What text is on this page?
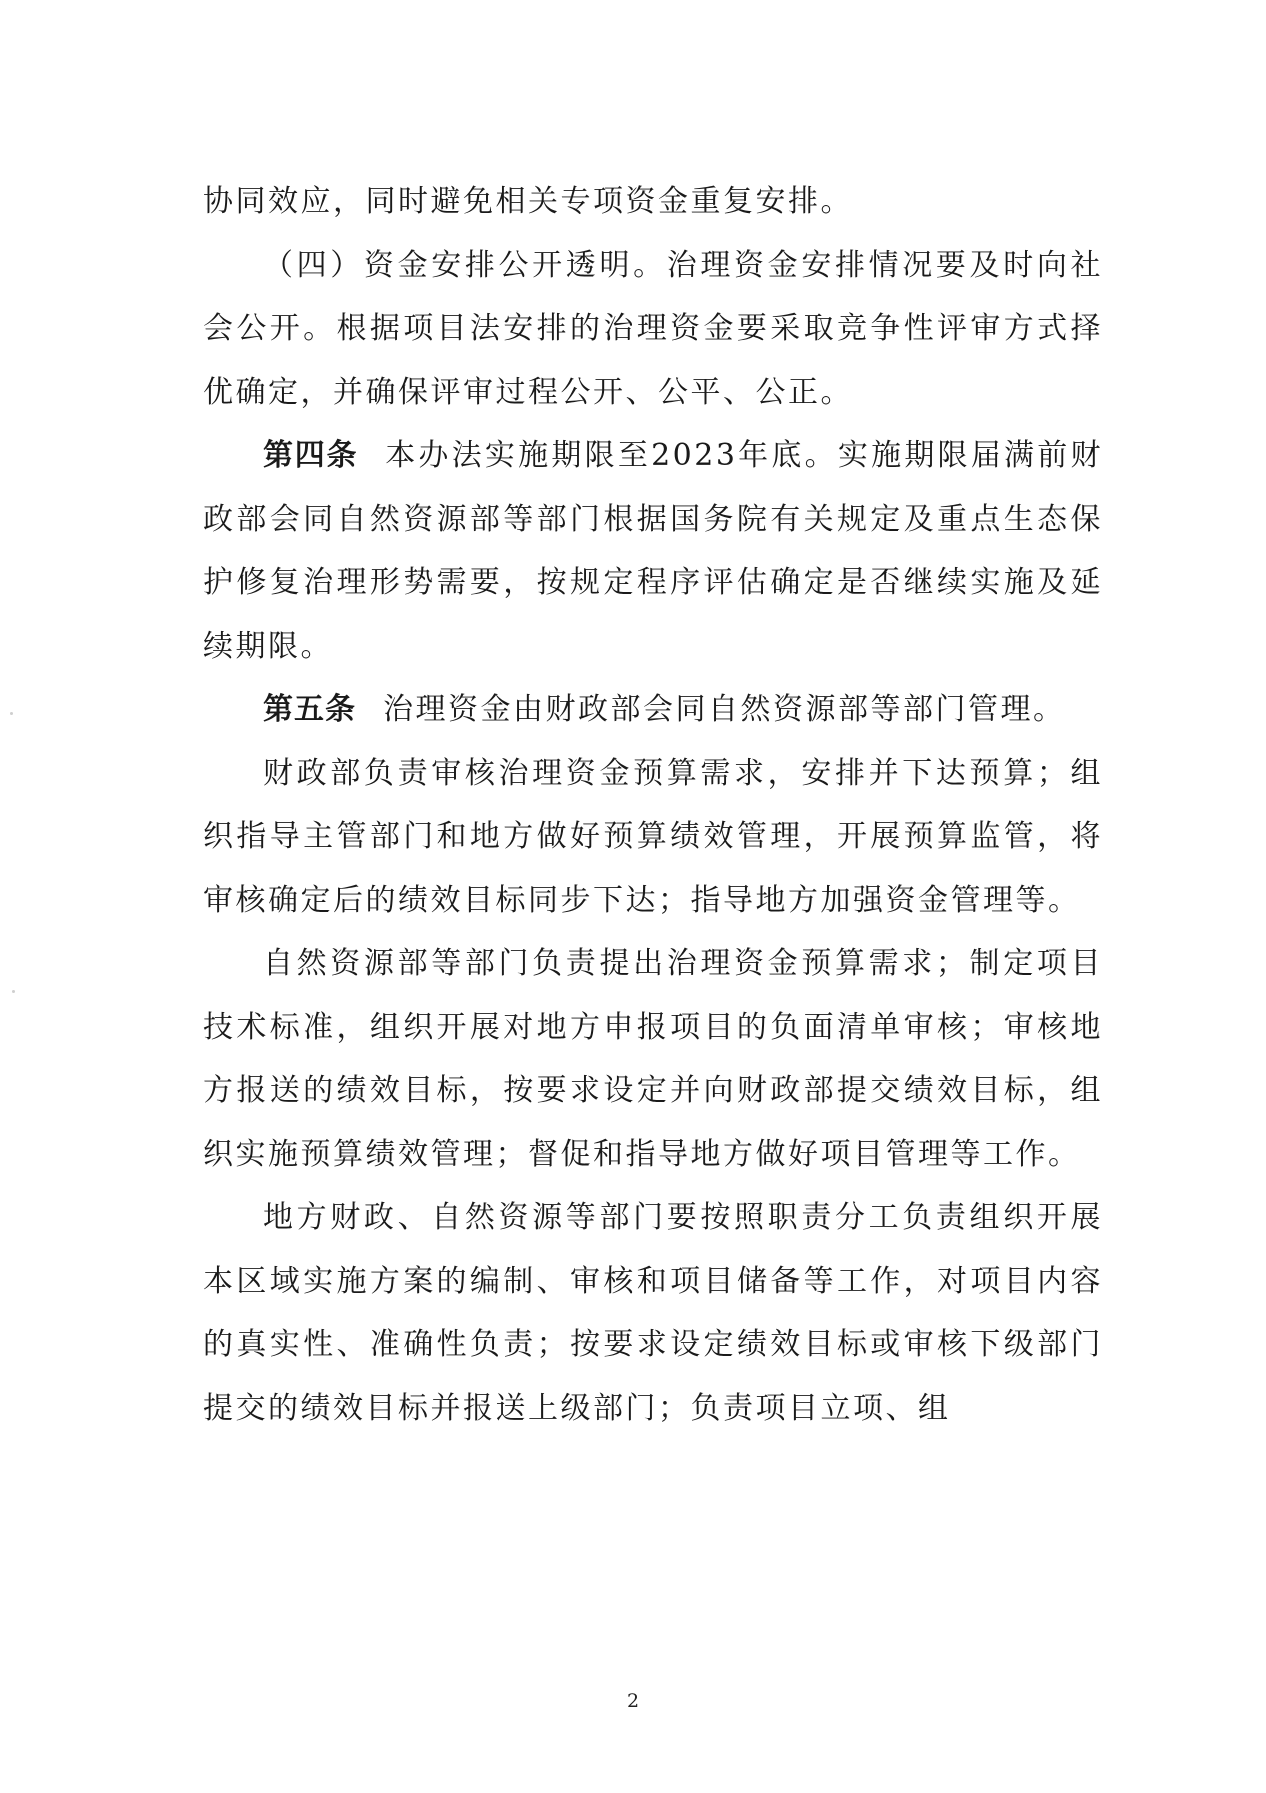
协同效应，同时避免相关专项资金重复安排。

（四）资金安排公开透明。治理资金安排情况要及时向社会公开。根据项目法安排的治理资金要采取竞争性评审方式择优确定，并确保评审过程公开、公平、公正。

第四条 本办法实施期限至2023年底。实施期限届满前财政部会同自然资源部等部门根据国务院有关规定及重点生态保护修复治理形势需要，按规定程序评估确定是否继续实施及延续期限。

第五条 治理资金由财政部会同自然资源部等部门管理。

财政部负责审核治理资金预算需求，安排并下达预算；组织指导主管部门和地方做好预算绩效管理，开展预算监管，将审核确定后的绩效目标同步下达；指导地方加强资金管理等。

自然资源部等部门负责提出治理资金预算需求；制定项目技术标准，组织开展对地方申报项目的负面清单审核；审核地方报送的绩效目标，按要求设定并向财政部提交绩效目标，组织实施预算绩效管理；督促和指导地方做好项目管理等工作。

地方财政、自然资源等部门要按照职责分工负责组织开展本区域实施方案的编制、审核和项目储备等工作，对项目内容的真实性、准确性负责；按要求设定绩效目标或审核下级部门提交的绩效目标并报送上级部门；负责项目立项、组

2
